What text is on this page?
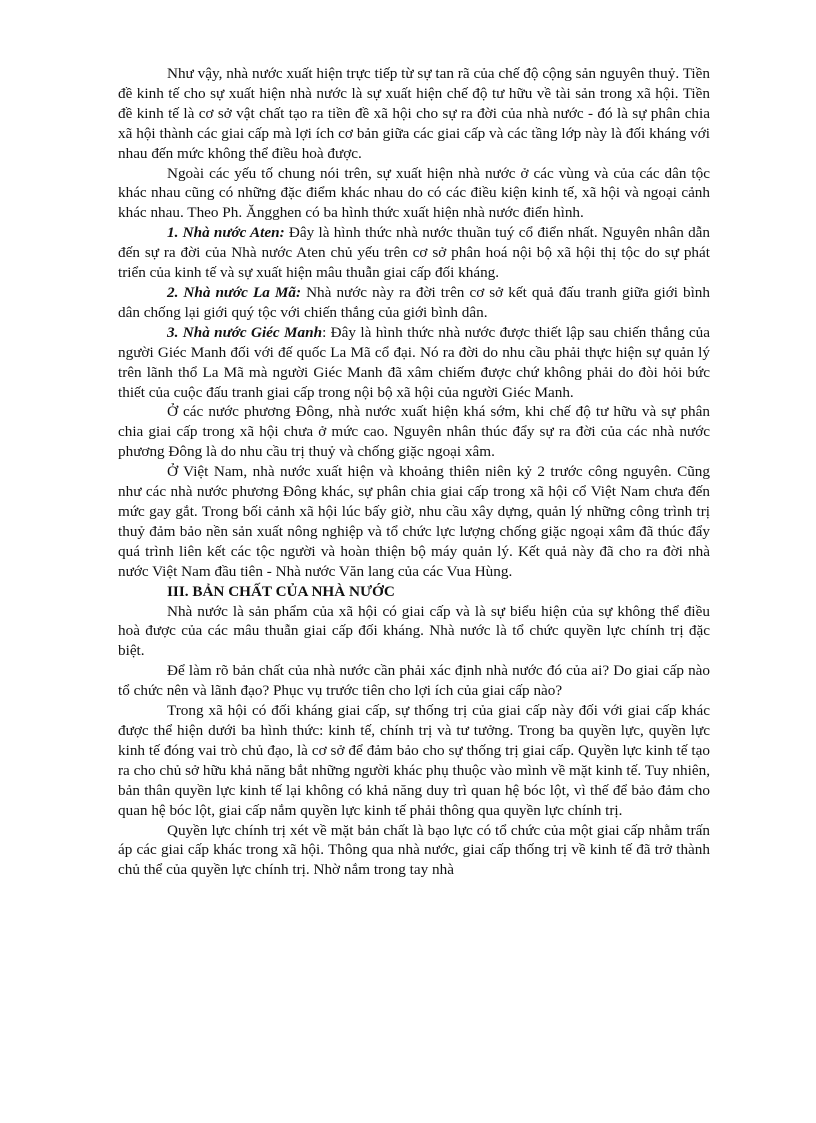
Như vậy, nhà nước xuất hiện trực tiếp từ sự tan rã của chế độ cộng sản nguyên thuỷ. Tiền đề kinh tế cho sự xuất hiện nhà nước là sự xuất hiện chế độ tư hữu về tài sản trong xã hội. Tiền đề kinh tế là cơ sở vật chất tạo ra tiền đề xã hội cho sự ra đời của nhà nước - đó là sự phân chia xã hội thành các giai cấp mà lợi ích cơ bản giữa các giai cấp và các tầng lớp này là đối kháng với nhau đến mức không thể điều hoà được.

Ngoài các yếu tố chung nói trên, sự xuất hiện nhà nước ở các vùng và của các dân tộc khác nhau cũng có những đặc điểm khác nhau do có các điều kiện kinh tế, xã hội và ngoại cảnh khác nhau. Theo Ph. Ăngghen có ba hình thức xuất hiện nhà nước điển hình.

1. Nhà nước Aten: Đây là hình thức nhà nước thuần tuý cổ điển nhất. Nguyên nhân dẫn đến sự ra đời của Nhà nước Aten chủ yếu trên cơ sở phân hoá nội bộ xã hội thị tộc do sự phát triển của kinh tế và sự xuất hiện mâu thuẫn giai cấp đối kháng.

2. Nhà nước La Mã: Nhà nước này ra đời trên cơ sở kết quả đấu tranh giữa giới bình dân chống lại giới quý tộc với chiến thắng của giới bình dân.

3. Nhà nước Giéc Manh: Đây là hình thức nhà nước được thiết lập sau chiến thắng của người Giéc Manh đối với đế quốc La Mã cổ đại. Nó ra đời do nhu cầu phải thực hiện sự quản lý trên lãnh thổ La Mã mà người Giéc Manh đã xâm chiếm được chứ không phải do đòi hỏi bức thiết của cuộc đấu tranh giai cấp trong nội bộ xã hội của người Giéc Manh.

Ở các nước phương Đông, nhà nước xuất hiện khá sớm, khi chế độ tư hữu và sự phân chia giai cấp trong xã hội chưa ở mức cao. Nguyên nhân thúc đẩy sự ra đời của các nhà nước phương Đông là do nhu cầu trị thuỷ và chống giặc ngoại xâm.

Ở Việt Nam, nhà nước xuất hiện và khoảng thiên niên kỷ 2 trước công nguyên. Cũng như các nhà nước phương Đông khác, sự phân chia giai cấp trong xã hội cổ Việt Nam chưa đến mức gay gắt. Trong bối cảnh xã hội lúc bấy giờ, nhu cầu xây dựng, quản lý những công trình trị thuỷ đảm bảo nền sản xuất nông nghiệp và tổ chức lực lượng chống giặc ngoại xâm đã thúc đẩy quá trình liên kết các tộc người và hoàn thiện bộ máy quản lý. Kết quả này đã cho ra đời nhà nước Việt Nam đầu tiên - Nhà nước Văn lang của các Vua Hùng.

III. BẢN CHẤT CỦA NHÀ NƯỚC

Nhà nước là sản phẩm của xã hội có giai cấp và là sự biểu hiện của sự không thể điều hoà được của các mâu thuẫn giai cấp đối kháng. Nhà nước là tổ chức quyền lực chính trị đặc biệt.

Để làm rõ bản chất của nhà nước cần phải xác định nhà nước đó của ai? Do giai cấp nào tổ chức nên và lãnh đạo? Phục vụ trước tiên cho lợi ích của giai cấp nào?

Trong xã hội có đối kháng giai cấp, sự thống trị của giai cấp này đối với giai cấp khác được thể hiện dưới ba hình thức: kinh tế, chính trị và tư tưởng. Trong ba quyền lực, quyền lực kinh tế đóng vai trò chủ đạo, là cơ sở để đảm bảo cho sự thống trị giai cấp. Quyền lực kinh tế tạo ra cho chủ sở hữu khả năng bắt những người khác phụ thuộc vào mình về mặt kinh tế. Tuy nhiên, bản thân quyền lực kinh tế lại không có khả năng duy trì quan hệ bóc lột, vì thế để bảo đảm cho quan hệ bóc lột, giai cấp nắm quyền lực kinh tế phải thông qua quyền lực chính trị.

Quyền lực chính trị xét về mặt bản chất là bạo lực có tổ chức của một giai cấp nhằm trấn áp các giai cấp khác trong xã hội. Thông qua nhà nước, giai cấp thống trị về kinh tế đã trở thành chủ thể của quyền lực chính trị. Nhờ nắm trong tay nhà
